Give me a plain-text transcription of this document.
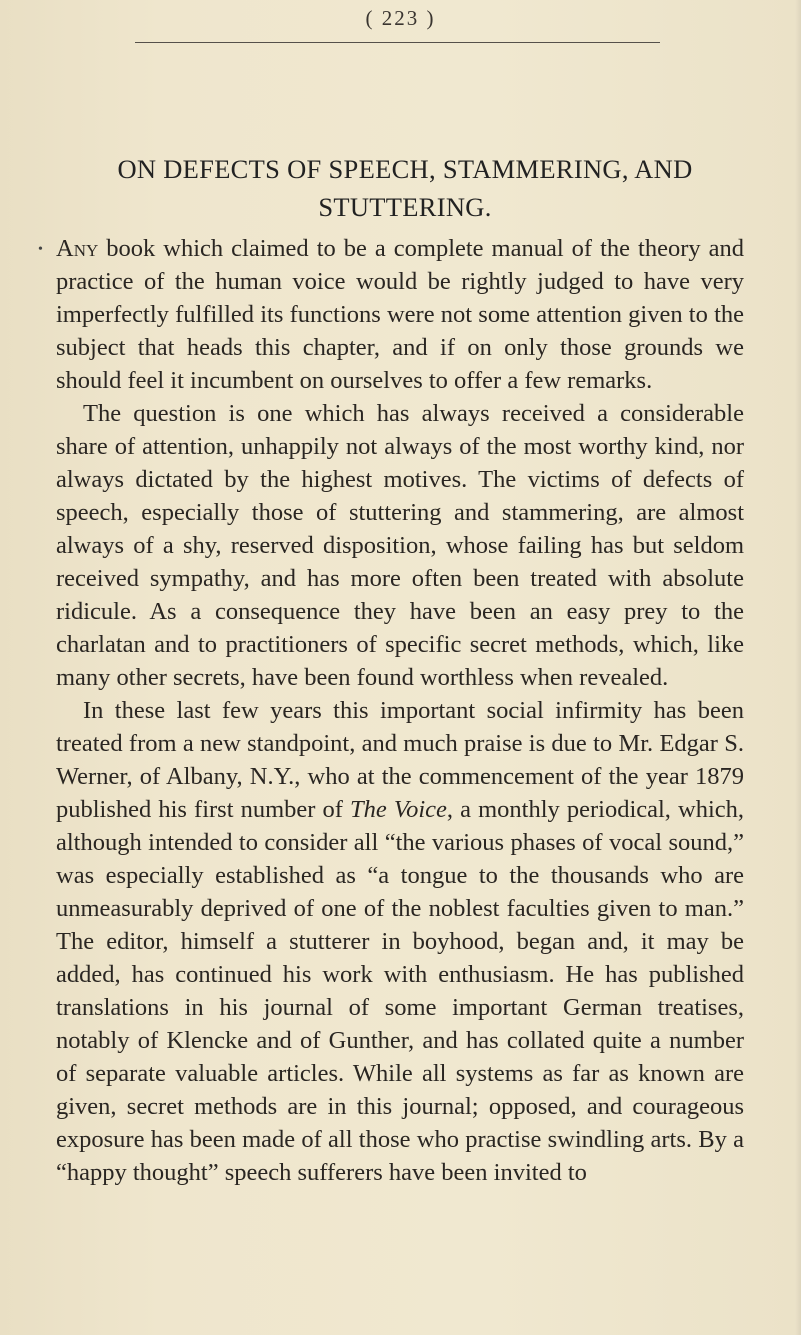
( 223 )
ON DEFECTS OF SPEECH, STAMMERING, AND STUTTERING.
• Any book which claimed to be a complete manual of the theory and practice of the human voice would be rightly judged to have very imperfectly fulfilled its functions were not some attention given to the subject that heads this chapter, and if on only those grounds we should feel it incumbent on ourselves to offer a few remarks.

The question is one which has always received a considerable share of attention, unhappily not always of the most worthy kind, nor always dictated by the highest motives. The victims of defects of speech, especially those of stuttering and stammering, are almost always of a shy, reserved disposition, whose failing has but seldom received sympathy, and has more often been treated with absolute ridicule. As a consequence they have been an easy prey to the charlatan and to practitioners of specific secret methods, which, like many other secrets, have been found worthless when revealed.

In these last few years this important social infirmity has been treated from a new standpoint, and much praise is due to Mr. Edgar S. Werner, of Albany, N.Y., who at the commencement of the year 1879 published his first number of The Voice, a monthly periodical, which, although intended to consider all “the various phases of vocal sound,” was especially established as “a tongue to the thousands who are unmeasurably deprived of one of the noblest faculties given to man.” The editor, himself a stutterer in boyhood, began and, it may be added, has continued his work with enthusiasm. He has published translations in his journal of some important German treatises, notably of Klencke and of Gunther, and has collated quite a number of separate valuable articles. While all systems as far as known are given, secret methods are in this journal; opposed, and courageous exposure has been made of all those who practise swindling arts. By a “happy thought” speech sufferers have been invited to
